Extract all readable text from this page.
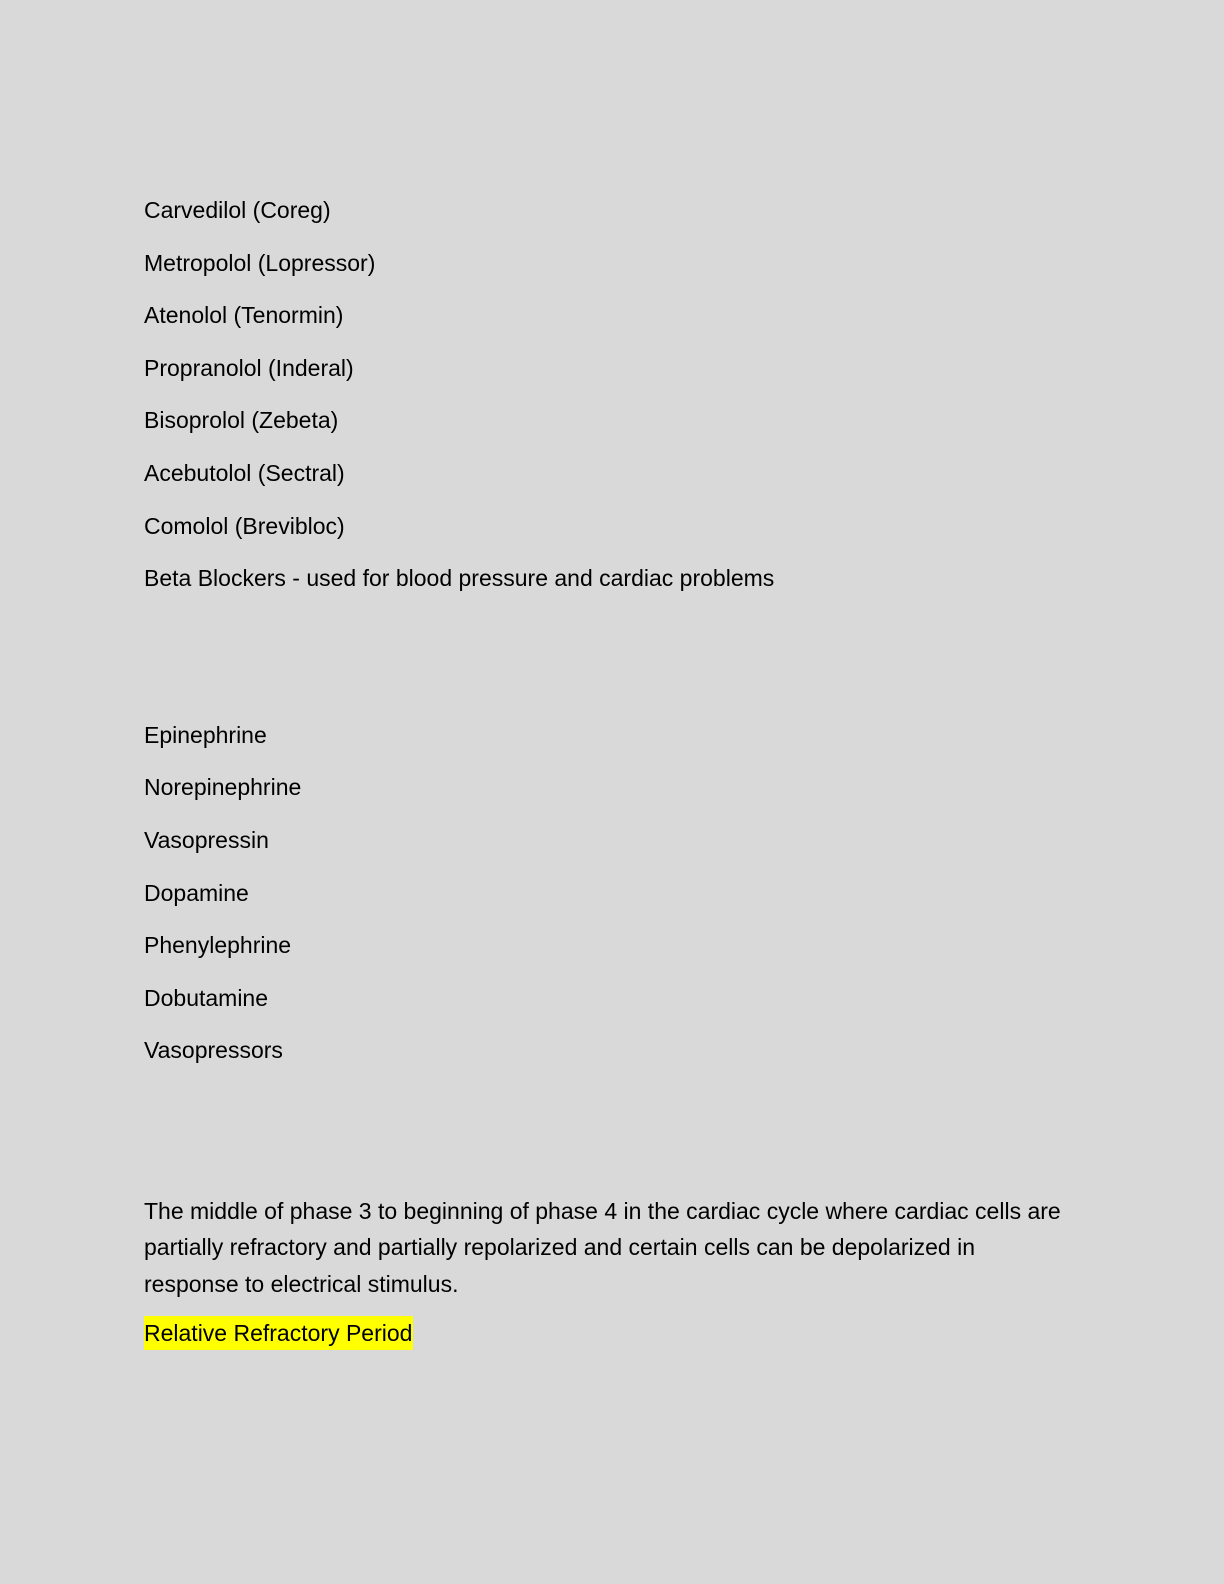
Carvedilol (Coreg)
Metropolol (Lopressor)
Atenolol (Tenormin)
Propranolol (Inderal)
Bisoprolol (Zebeta)
Acebutolol (Sectral)
Comolol (Brevibloc)
Beta Blockers - used for blood pressure and cardiac problems
Epinephrine
Norepinephrine
Vasopressin
Dopamine
Phenylephrine
Dobutamine
Vasopressors
The middle of phase 3 to beginning of phase 4 in the cardiac cycle where cardiac cells are partially refractory and partially repolarized and certain cells can be depolarized in response to electrical stimulus.
Relative Refractory Period
